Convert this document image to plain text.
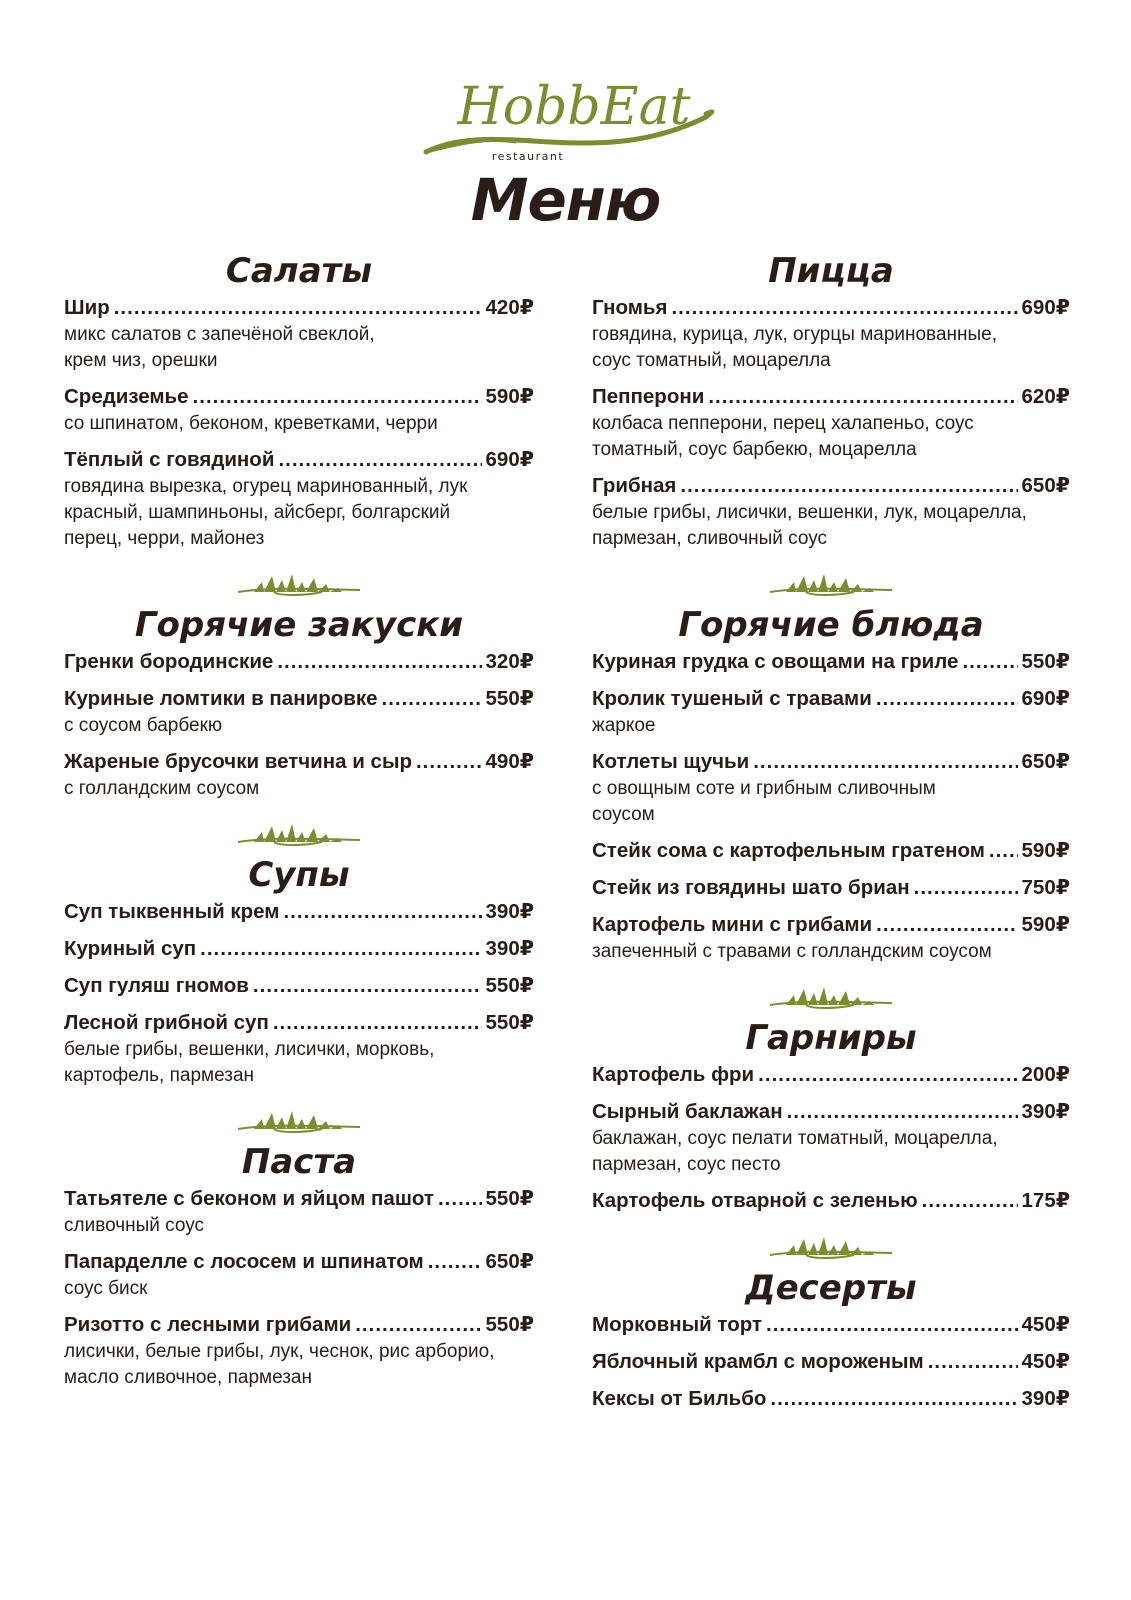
HobbEat
restaurant
Меню
Салаты
Шир .....	420₽
микс салатов с запечёной свеклой,
крем чиз, орешки
Средиземье .....	590₽
со шпинатом, беконом, креветками, черри
Тёплый с говядиной .....	690₽
говядина вырезка, огурец маринованный, лук
красный, шампиньоны, айсберг, болгарский
перец, черри, майонез
Горячие закуски
Гренки бородинские .....	320₽
Куриные ломтики в панировке .....	550₽
с соусом барбекю
Жареные брусочки ветчина и сыр .....	490₽
с голландским соусом
Супы
Суп тыквенный крем .....	390₽
Куриный суп .....	390₽
Суп гуляш гномов .....	550₽
Лесной грибной суп .....	550₽
белые грибы, вешенки, лисички, морковь,
картофель, пармезан
Паста
Татьятеле с беконом и яйцом пашот .....	550₽
сливочный соус
Папарделле с лососем и шпинатом .....	650₽
соус биск
Ризотто с лесными грибами .....	550₽
лисички, белые грибы, лук, чеснок, рис арборио,
масло сливочное, пармезан
Пицца
Гномья .....	690₽
говядина, курица, лук, огурцы маринованные,
соус томатный, моцарелла
Пепперони .....	620₽
колбаса пепперони, перец халапеньо, соус
томатный, соус барбекю, моцарелла
Грибная .....	650₽
белые грибы, лисички, вешенки, лук, моцарелла,
пармезан, сливочный соус
Горячие блюда
Куриная грудка с овощами на гриле .....	550₽
Кролик тушеный с травами .....	690₽
жаркое
Котлеты щучьи .....	650₽
с овощным соте и грибным сливочным
соусом
Стейк сома с картофельным гратеном ..... 590₽
Стейк из говядины шато бриан .....	750₽
Картофель мини с грибами .....	590₽
запеченный с травами с голландским соусом
Гарниры
Картофель фри .....	200₽
Сырный баклажан .....	390₽
баклажан, соус пелати томатный, моцарелла,
пармезан, соус песто
Картофель отварной с зеленью .....	175₽
Десерты
Морковный торт .....	450₽
Яблочный крамбл с мороженым .....	450₽
Кексы от Бильбо .....	390₽
